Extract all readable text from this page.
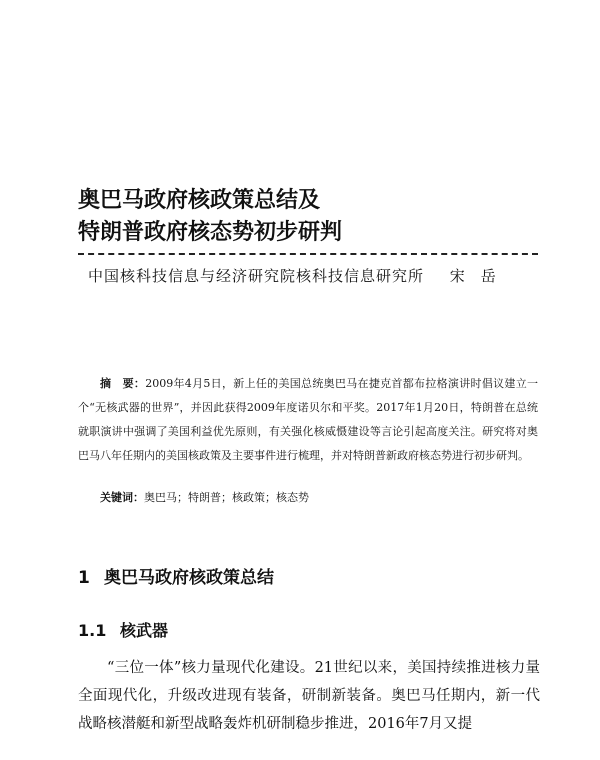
奥巴马政府核政策总结及
特朗普政府核态势初步研判
中国核科技信息与经济研究院核科技信息研究所 宋岳

摘　要：2009年4月5日，新上任的美国总统奥巴马在捷克首都布拉格演讲时倡议建立一个“无核武器的世界”，并因此获得2009年度诺贝尔和平奖。2017年1月20日，特朗普在总统就职演讲中强调了美国利益优先原则，有关强化核威慑建设等言论引起高度关注。研究将对奥巴马八年任期内的美国核政策及主要事件进行梳理，并对特朗普新政府核态势进行初步研判。

关键词：奥巴马；特朗普；核政策；核态势
1 奥巴马政府核政策总结
1.1 核武器

“三位一体”核力量现代化建设。21世纪以来，美国持续推进核力量全面现代化，升级改进现有装备，研制新装备。奥巴马任期内，新一代战略核潜艇和新型战略轰炸机研制稳步推进，2016年7月又提
